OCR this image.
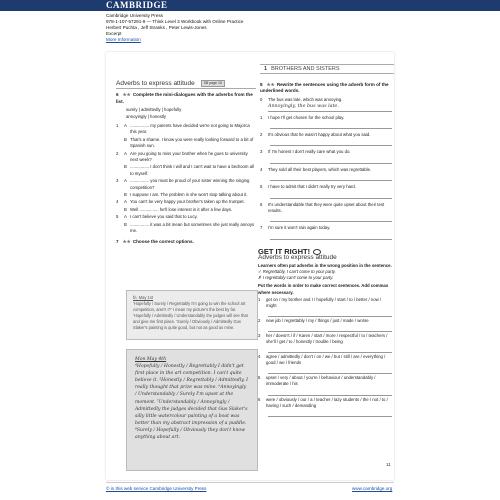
CAMBRIDGE
Cambridge University Press
978-1-107-57291-9 — Think Level 3 Workbook with Online Practice
Herbert Puchta , Jeff Stranks , Peter Lewis-Jones
Excerpt
More Information
1 BROTHERS AND SISTERS
Adverbs to express attitude	SB page 15
6 ★★ Complete the mini-dialogues with the adverbs from the list.
surely | admittedly | hopefully
annoyingly | honestly
1	A ................ my parents have decided we're not going to Majorca this year.
B That's a shame. I know you were really looking forward to a bit of Spanish sun.
2	A Are you going to miss your brother when he goes to university next week?
B ................ I don't think I will and I can't wait to have a bedroom all to myself.
3	A ................ you must be proud of your sister winning the singing competition?
B I suppose I am. The problem is she won't stop talking about it.
4	A You can't be very happy your brother's taken up the trumpet.
B Well ................ he'll lose interest in it after a few days.
5	A I can't believe you said that to Lucy.
B ................ it was a bit mean but sometimes she just really annoys me.
7 ★★ Choose the correct options.
fri, May 1st
'Hopefully / Surely / Regrettably I'm going to win the school art competition, aren't I?' I mean my picture's the best by far. 'Hopefully / Admittedly / Understandably the judges will see that and give me first place. 'Surely / Obviously / Admittedly Gus Slaker's painting is quite good, but not as good as mine.
Mon May 4th
⁴Hopefully / Honestly / Regrettably I didn't get first place in the art competition. I can't quite believe it. ⁵Honestly / Regrettably / Admittedly, I really thought that prize was mine. ⁶Annoyingly / Understandably / Surely I'm upset at the moment. ⁷Understandably / Annoyingly / Admittedly the judges decided that Gus Slaker's silly little watercolour painting of a boat was better than my abstract impression of a puddle. ⁸Surely / Hopefully / Obviously they don't know anything about art.
8 ★★ Rewrite the sentences using the adverb form of the underlined words.
0	The bus was late, which was annoying.
Annoyingly, the bus was late.
1	I hope I'll get chosen for the school play.
2	It's obvious that he wasn't happy about what you said.
3	If I'm honest I don't really care what you do.
4	They sold all their best players, which was regrettable.
5	I have to admit that I didn't really try very hard.
6	It's understandable that they were quite upset about their test results.
7	I'm sure it won't rain again today.
GET IT RIGHT!
Adverbs to express attitude

Learners often put adverbs in the wrong position in the sentence.

✓ Regrettably, I can't come to your party.
✗ I regrettably can't come to your party.

Put the words in order to make correct sentences. Add commas where necessary.

1	get on / my brother and I / hopefully / start / to / better / now / might
2	new job / regrettably / my / things / just / made / worse
3	her / doesn't / if / Karen / start / more / respectful / to / teachers / she'll / get / to / honestly / trouble / being
4	agree / admittedly / don't / on / we / but / still / are / everything / good / we / friends
5	upset / very / about / you're / behaviour / understandably / immoderate / his
6	were / obviously / our / a / teacher / lazy students / the / not / to / having / such / demanding
11
© in this web service Cambridge University Press	www.cambridge.org
